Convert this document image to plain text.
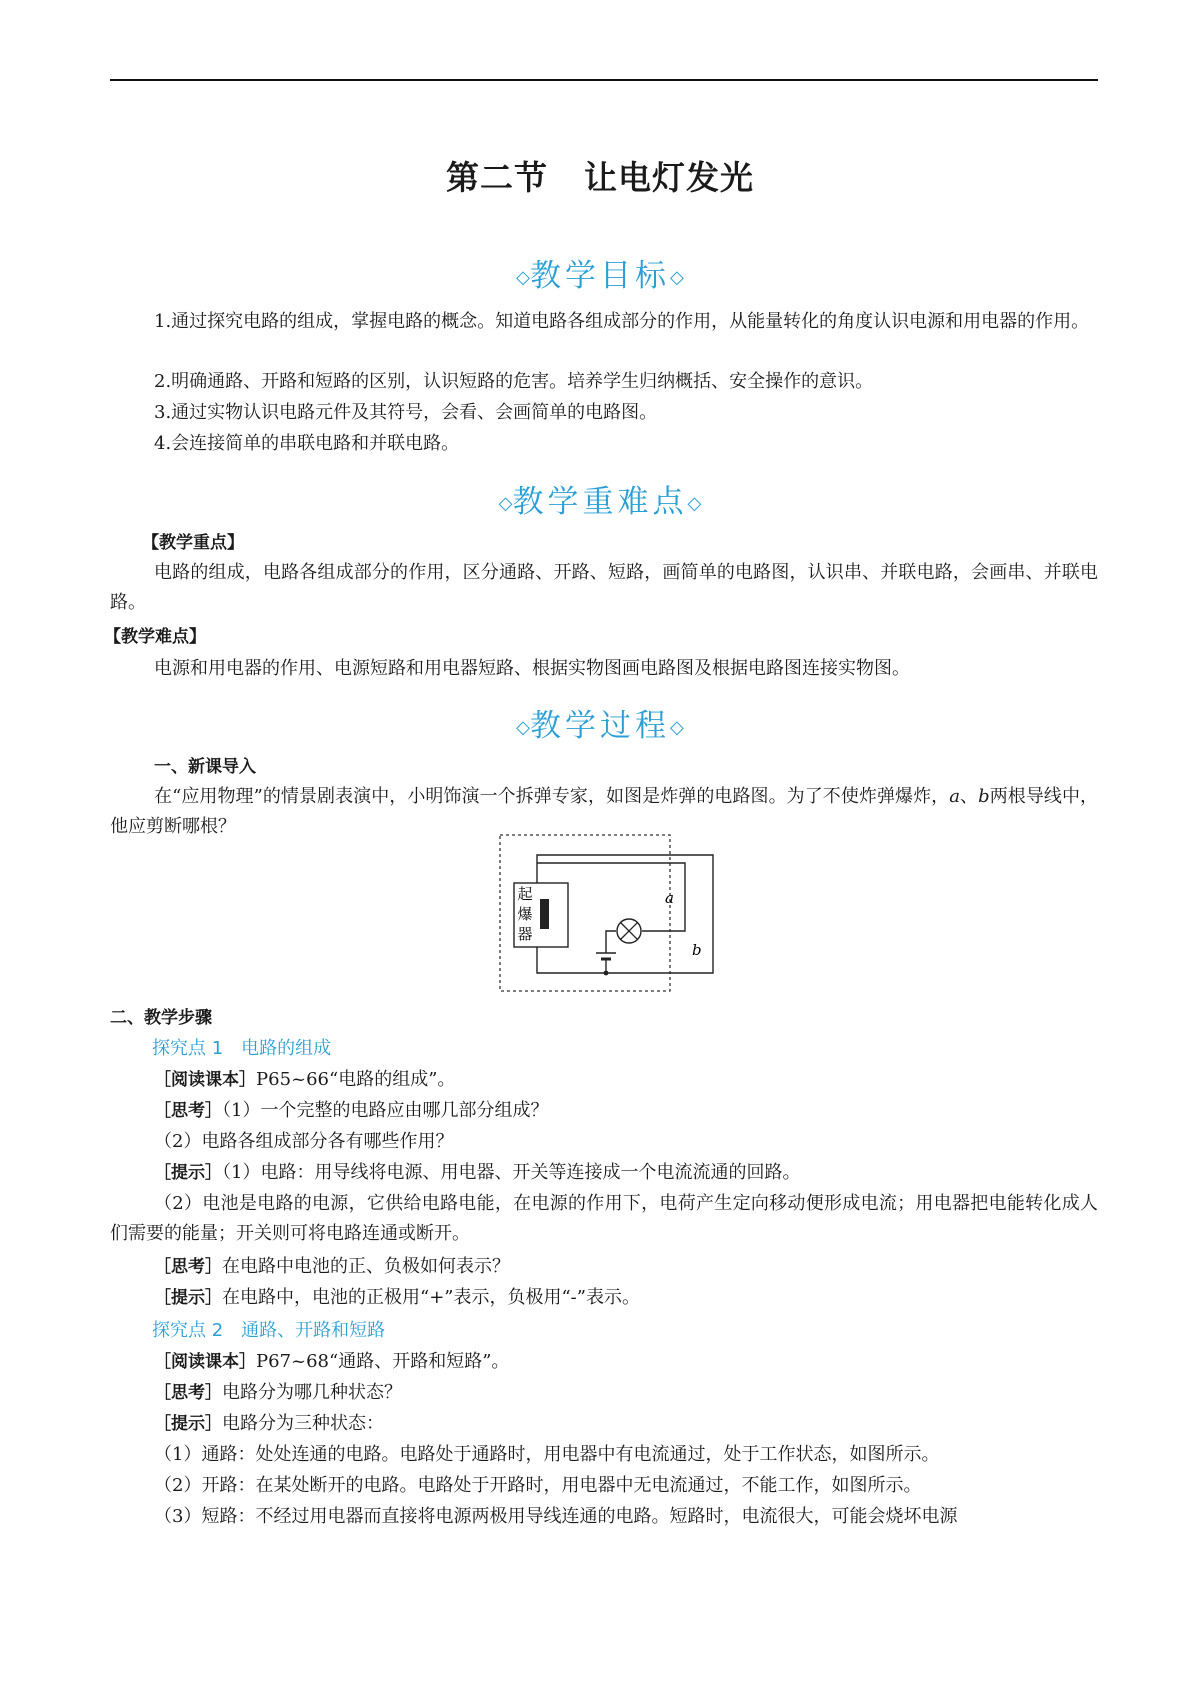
第二节 让电灯发光
◇教学目标◇
1.通过探究电路的组成，掌握电路的概念。知道电路各组成部分的作用，从能量转化的角度认识电源和用电器的作用。
2.明确通路、开路和短路的区别，认识短路的危害。培养学生归纳概括、安全操作的意识。
3.通过实物认识电路元件及其符号，会看、会画简单的电路图。
4.会连接简单的串联电路和并联电路。
◇教学重难点◇
【教学重点】
电路的组成，电路各组成部分的作用，区分通路、开路、短路，画简单的电路图，认识串、并联电路，会画串、并联电路。
【教学难点】
电源和用电器的作用、电源短路和用电器短路、根据实物图画电路图及根据电路图连接实物图。
◇教学过程◇
一、新课导入
在“应用物理”的情景剧表演中，小明饰演一个拆弹专家，如图是炸弹的电路图。为了不使炸弹爆炸，a、b两根导线中，他应剪断哪根？
起
爆
器
a
b
二、教学步骤
探究点 1　电路的组成
［阅读课本］P65~66“电路的组成”。
［思考］（1）一个完整的电路应由哪几部分组成？
（2）电路各组成部分各有哪些作用？
［提示］（1）电路：用导线将电源、用电器、开关等连接成一个电流流通的回路。
（2）电池是电路的电源，它供给电路电能，在电源的作用下，电荷产生定向移动便形成电流；用电器把电能转化成人们需要的能量；开关则可将电路连通或断开。
［思考］在电路中电池的正、负极如何表示？
［提示］在电路中，电池的正极用“+”表示，负极用“-”表示。
探究点 2　通路、开路和短路
［阅读课本］P67~68“通路、开路和短路”。
［思考］电路分为哪几种状态？
［提示］电路分为三种状态：
（1）通路：处处连通的电路。电路处于通路时，用电器中有电流通过，处于工作状态，如图所示。
（2）开路：在某处断开的电路。电路处于开路时，用电器中无电流通过，不能工作，如图所示。
（3）短路：不经过用电器而直接将电源两极用导线连通的电路。短路时，电流很大，可能会烧坏电源
